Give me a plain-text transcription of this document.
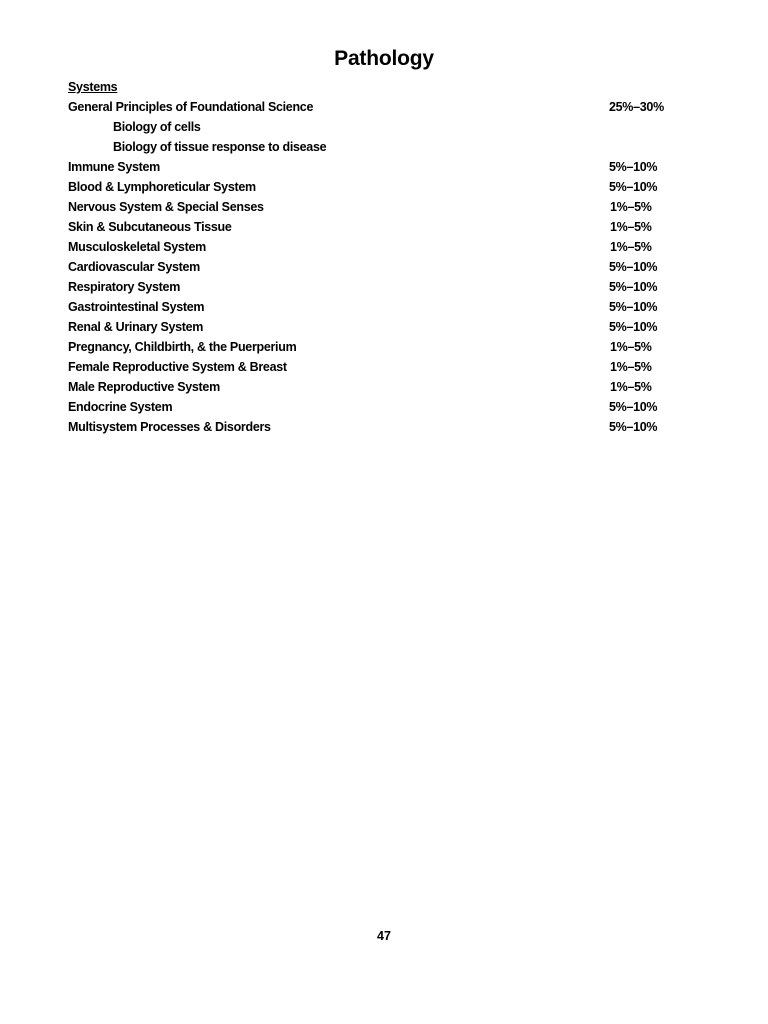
Pathology
Systems
General Principles of Foundational Science	25%–30%
Biology of cells
Biology of tissue response to disease
Immune System	5%–10%
Blood & Lymphoreticular System	5%–10%
Nervous System & Special Senses	1%–5%
Skin & Subcutaneous Tissue	1%–5%
Musculoskeletal System	1%–5%
Cardiovascular System	5%–10%
Respiratory System	5%–10%
Gastrointestinal System	5%–10%
Renal & Urinary System	5%–10%
Pregnancy, Childbirth, & the Puerperium	1%–5%
Female Reproductive System & Breast	1%–5%
Male Reproductive System	1%–5%
Endocrine System	5%–10%
Multisystem Processes & Disorders	5%–10%
47
